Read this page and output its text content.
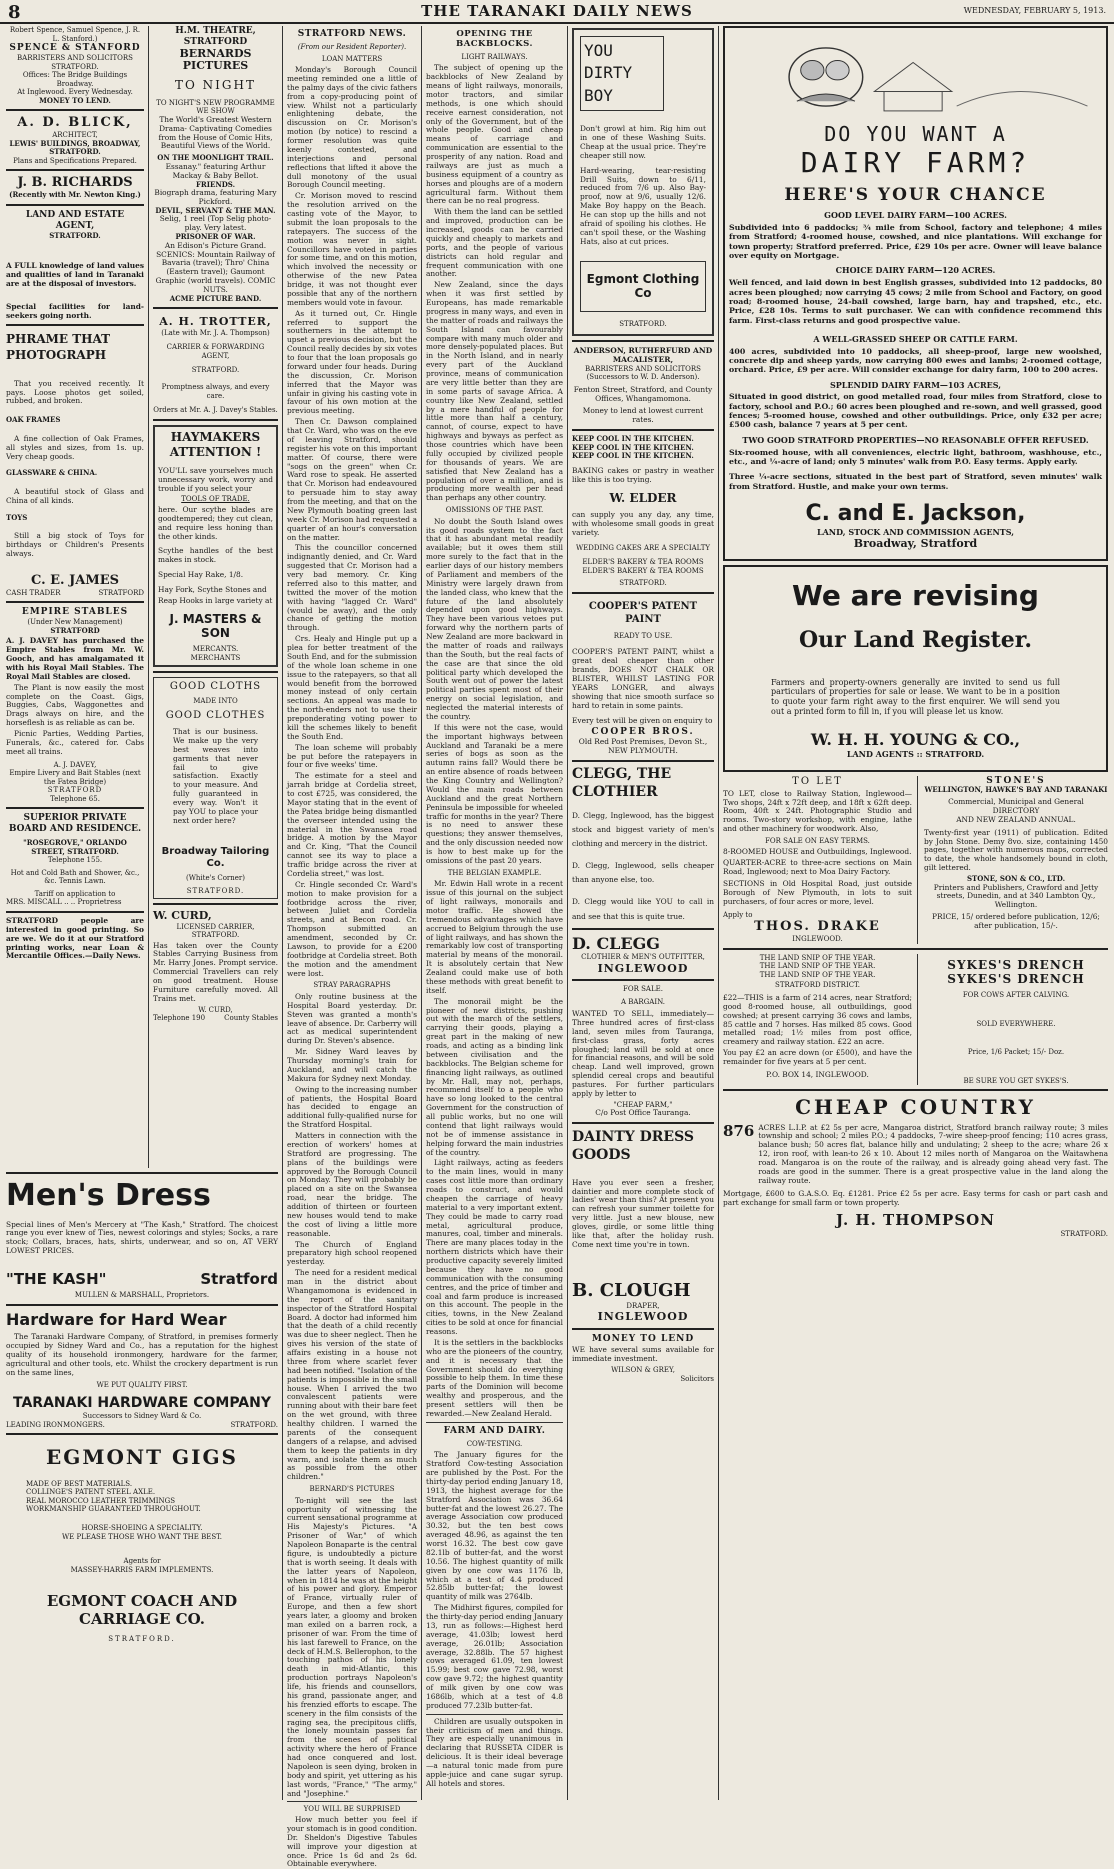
8	THE TARANAKI DAILY NEWS	WEDNESDAY, FEBRUARY 5, 1913.
Robert Spence, Samuel Spence, J. R. L. Stanford.)
SPENCE & STANFORD
BARRISTERS AND SOLICITORS
STRATFORD.
Offices: The Bridge Buildings Broadway.
At Inglewood. Every Wednesday.
MONEY TO LEND.
A. D. BLICK,
ARCHITECT,
LEWIS' BUILDINGS, BROADWAY, STRATFORD.
Plans and Specifications Prepared.
J. B. RICHARDS
(Recently with Mr. Newton King.)
LAND AND ESTATE AGENT,
STRATFORD.
A FULL knowledge of land values and qualities of land in Taranaki are at the disposal of investors.
Special facilities for land-seekers going north.
PHRAME THAT PHOTOGRAPH
That you received recently. It pays. Loose photos get soiled, rubbed, and broken.
OAK FRAMES
A fine collection of Oak Frames, all styles and sizes, from 1s. up. Very cheap goods.
GLASSWARE & CHINA.
A beautiful stock of Glass and China of all kinds.
TOYS
Still a big stock of Toys for birthdays or Children's Presents always.
C. E. JAMES
CASH TRADER	STRATFORD
EMPIRE STABLES
(Under New Management)
STRATFORD
A. J. DAVEY has purchased the Empire Stables from Mr. W. Gooch, and has amalgamated it with his Royal Mail Stables. The Royal Mail Stables are closed.
The Plant is now easily the most complete on the Coast. Gigs, Buggies, Cabs, Waggonettes and Drags always on hire, and the horseflesh is as reliable as can be.
Picnic Parties, Wedding Parties, Funerals, &c., catered for. Cabs meet all trains.
A. J. DAVEY,
Empire Livery and Bait Stables (next the Fatea Bridge)
STRATFORD
Telephone 65.
SUPERIOR PRIVATE BOARD AND RESIDENCE.
"ROSEGROVE," ORLANDO STREET, STRATFORD.
Telephone 155.
Hot and Cold Bath and Shower, &c., &c. Tennis Lawn.
Tariff on application to
MRS. MISCALL .. .. Proprietress
STRATFORD people are interested in good printing. So are we. We do it at our Stratford printing works, near Loan & Mercantile Offices.—Daily News.
H.M. THEATRE, STRATFORD
BERNARDS PICTURES
TO NIGHT
TO NIGHT'S NEW PROGRAMME
WE SHOW
The World's Greatest Western Drama- Captivating Comedies from the House of Comic Hits, Beautiful Views of the World.
ON THE MOONLIGHT TRAIL.
Essanay." featuring Arthur Mackay & Baby Bellot.
FRIENDS.
Biograph drama, featuring Mary Pickford.
DEVIL, SERVANT & THE MAN.
Selig, 1 reel (Top Selig photo-play. Very latest.
PRISONER OF WAR.
An Edison's Picture Grand. SCENICS: Mountain Railway of Bavaria (travel); Thro' China (Eastern travel); Gaumont Graphic (world travels). COMIC NUTS.
ACME PICTURE BAND.
A. H. TROTTER,
(Late with Mr. J. A. Thompson)
CARRIER & FORWARDING AGENT,
STRATFORD.
Promptness always, and every care.
Orders at Mr. A. J. Davey's Stables.
HAYMAKERS ATTENTION !
YOU'LL save yourselves much unnecessary work, worry and trouble if you select your
TOOLS OF TRADE.
here. Our scythe blades are goodtempered; they cut clean, and require less honing than the other kinds.
Scythe handles of the best makes in stock.
Special Hay Rake, 1/8.
Hay Fork, Scythe Stones and
Reap Hooks in large variety at
J. MASTERS & SON
MERCANTS.
MERCHANTS
GOOD CLOTHS
MADE INTO
GOOD CLOTHES
That is our business. We make up the very best weaves into garments that never fail to give satisfaction. Exactly to your measure. And fully guaranteed in every way. Won't it pay YOU to place your next order here?
Broadway Tailoring Co.
(White's Corner)
STRATFORD.
W. CURD,
LICENSED CARRIER, STRATFORD.
Has taken over the County Stables Carrying Business from Mr. Harry Jones. Prompt service. Commercial Travellers can rely on good treatment. House Furniture carefully moved. All Trains met.
W. CURD,
Telephone 190	County Stables
Men's Dress
Special lines of Men's Mercery at "The Kash," Stratford. The choicest range you ever knew of Ties, newest colorings and styles; Socks, a rare stock; Collars, braces, hats, shirts, underwear, and so on, AT VERY LOWEST PRICES.
"THE KASH"	Stratford
MULLEN & MARSHALL, Proprietors.
Hardware for Hard Wear
The Taranaki Hardware Company, of Stratford, in premises formerly occupied by Sidney Ward and Co., has a reputation for the highest quality of its household ironmongery, hardware for the farmer, agricultural and other tools, etc. Whilst the crockery department is run on the same lines,
WE PUT QUALITY FIRST.
TARANAKI HARDWARE COMPANY
Successors to Sidney Ward & Co.
LEADING IRONMONGERS.	STRATFORD.
EGMONT GIGS
MADE OF BEST MATERIALS.
COLLINGE'S PATENT STEEL AXLE.
REAL MOROCCO LEATHER TRIMMINGS
WORKMANSHIP GUARANTEED THROUGHOUT.
HORSE-SHOEING A SPECIALITY.
WE PLEASE THOSE WHO WANT THE BEST.
Agents for
MASSEY-HARRIS FARM IMPLEMENTS.
EGMONT COACH AND CARRIAGE CO.
STRATFORD.
STRATFORD NEWS.
(From our Resident Reporter).
LOAN MATTERS
Monday's Borough Council meeting reminded one a little of the palmy days of the civic fathers from a copy-producing point of view. Whilst not a particularly enlightening debate, the discussion on Cr. Morison's motion (by notice) to rescind a former resolution was quite keenly contested, and interjections and personal reflections that lifted it above the dull monotony of the usual Borough Council meeting.
Cr. Morison moved to rescind the resolution arrived on the casting vote of the Mayor, to submit the loan proposals to the ratepayers. The success of the motion was never in sight. Councillors have voted in parties for some time, and on this motion, which involved the necessity or otherwise of the new Patea bridge, it was not thought ever possible that any of the northern members would vote in favour.
As it turned out, Cr. Hingle referred to support the southerners in the attempt to upset a previous decision, but the Council really decides by six votes to four that the loan proposals go forward under four heads. During the discussion, Cr. Morison inferred that the Mayor was unfair in giving his casting vote in favour of his own motion at the previous meeting.
Then Cr. Dawson complained that Cr. Ward, who was on the eve of leaving Stratford, should register his vote on this important matter. Of course, there were "sogs on the green" when Cr. Ward rose to speak. He asserted that Cr. Morison had endeavoured to persuade him to stay away from the meeting, and that on the New Plymouth boating green last week Cr. Morison had requested a quarter of an hour's conversation on the matter.
This the councillor concerned indignantly denied, and Cr. Ward suggested that Cr. Morison had a very bad memory. Cr. King referred also to this matter, and twitted the mover of the motion with having "lagged Cr. Ward" (would be away), and the only chance of getting the motion through.
Crs. Healy and Hingle put up a plea for better treatment of the South End, and for the submission of the whole loan scheme in one issue to the ratepayers, so that all would benefit from the borrowed money instead of only certain sections. An appeal was made to the north-enders not to use their preponderating voting power to kill the schemes likely to benefit the South End.
The loan scheme will probably be put before the ratepayers in four or five weeks' time.
The estimate for a steel and jarrah bridge at Cordelia street, to cost £725, was considered, the Mayor stating that in the event of the Patea bridge being dismantled the overseer intended using the material in the Swansea road bridge. A motion by the Mayor and Cr. King, "That the Council cannot see its way to place a traffic bridge across the river at Cordelia street," was lost.
Cr. Hingle seconded Cr. Ward's motion to make provision for a footbridge across the river, between Juliet and Cordelia streets, and at Becon road. Cr. Thompson submitted an amendment, seconded by Cr. Lawson, to provide for a £200 footbridge at Cordelia street. Both the motion and the amendment were lost.
STRAY PARAGRAPHS
Only routine business at the Hospital Board yesterday. Dr. Steven was granted a month's leave of absence. Dr. Carberry will act as medical superintendent during Dr. Steven's absence.
Mr. Sidney Ward leaves by Thursday morning's train for Auckland, and will catch the Makura for Sydney next Monday.
Owing to the increasing number of patients, the Hospital Board has decided to engage an additional fully-qualified nurse for the Stratford Hospital.
Matters in connection with the erection of workers' homes at Stratford are progressing. The plans of the buildings were approved by the Borough Council on Monday. They will probably be placed on a site on the Swansea road, near the bridge. The addition of thirteen or fourteen new houses would tend to make the cost of living a little more reasonable.
The Church of England preparatory high school reopened yesterday.
The need for a resident medical man in the district about Whangamomona is evidenced in the report of the sanitary inspector of the Stratford Hospital Board. A doctor had informed him that the death of a child recently was due to sheer neglect. Then he gives his version of the state of affairs existing in a house not three from where scarlet fever had been notified. "Isolation of the patients is impossible in the small house. When I arrived the two convalescent patients were running about with their bare feet on the wet ground, with three healthy children. I warned the parents of the consequent dangers of a relapse, and advised them to keep the patients in dry warm, and isolate them as much as possible from the other children."
BERNARD'S PICTURES
To-night will see the last opportunity of witnessing the current sensational programme at His Majesty's Pictures. "A Prisoner of War," of which Napoleon Bonaparte is the central figure, is undoubtedly a picture that is worth seeing. It deals with the latter years of Napoleon, when in 1814 he was at the height of his power and glory. Emperor of France, virtually ruler of Europe, and then a few short years later, a gloomy and broken man exiled on a barren rock, a prisoner of war. From the time of his last farewell to France, on the deck of H.M.S. Bellerophon, to the touching pathos of his lonely death in mid-Atlantic, this production portrays Napoleon's life, his friends and counsellors, his grand, passionate anger, and his frenzied efforts to escape. The scenery in the film consists of the raging sea, the precipitous cliffs, the lonely mountain passes far from the scenes of political activity where the hero of France had once conquered and lost. Napoleon is seen dying, broken in body and spirit, yet uttering as his last words, "France," "The army," and "Josephine."
YOU WILL BE SURPRISED
How much better you feel if your stomach is in good condition. Dr. Sheldon's Digestive Tabules will improve your digestion at once. Price 1s 6d and 2s 6d. Obtainable everywhere.
OPENING THE BACKBLOCKS.
LIGHT RAILWAYS.
The subject of opening up the backblocks of New Zealand by means of light railways, monorails, motor tractors, and similar methods, is one which should receive earnest consideration, not only of the Government, but of the whole people. Good and cheap means of carriage and communication are essential to the prosperity of any nation. Road and railways are just as much a business equipment of a country as horses and ploughs are of a modern agricultural farm. Without them there can be no real progress.
With them the land can be settled and improved, production can be increased, goods can be carried quickly and cheaply to markets and ports, and the people of various districts can hold regular and frequent communication with one another.
New Zealand, since the days when it was first settled by Europeans, has made remarkable progress in many ways, and even in the matter of roads and railways the South Island can favourably compare with many much older and more densely-populated places. But in the North Island, and in nearly every part of the Auckland province, means of communication are very little better than they are in some parts of savage Africa. A country like New Zealand, settled by a mere handful of people for little more than half a century, cannot, of course, expect to have highways and byways as perfect as those countries which have been fully occupied by civilized people for thousands of years. We are satisfied that New Zealand has a population of over a million, and is producing more wealth per head than perhaps any other country.
OMISSIONS OF THE PAST.
No doubt the South Island owes its good roads system to the fact that it has abundant metal readily available; but it owes them still more surely to the fact that in the earlier days of our history members of Parliament and members of the Ministry were largely drawn from the landed class, who knew that the future of the land absolutely depended upon good highways. They have been various vetoes put forward why the northern parts of New Zealand are more backward in the matter of roads and railways than the South, but the real facts of the case are that since the old political party which developed the South went out of power the latest political parties spent most of their energy on social legislation, and neglected the material interests of the country.
If this were not the case, would the important highways between Auckland and Taranaki be a mere series of bogs as soon as the autumn rains fall? Would there be an entire absence of roads between the King Country and Wellington? Would the main roads between Auckland and the great Northern Peninsula be impossible for wheeled traffic for months in the year? There is no need to answer these questions; they answer themselves, and the only discussion needed now is how to best make up for the omissions of the past 20 years.
THE BELGIAN EXAMPLE.
Mr. Edwin Hall wrote in a recent issue of this journal on the subject of light railways, monorails and motor traffic. He showed the tremendous advantages which have accrued to Belgium through the use of light railways, and has shown the remarkably low cost of transporting material by means of the monorail. It is absolutely certain that New Zealand could make use of both these methods with great benefit to itself.
The monorail might be the pioneer of new districts, pushing out with the march of the settlers, carrying their goods, playing a great part in the making of new roads, and acting as a binding link between civilisation and the backblocks. The Belgian scheme for financing light railways, as outlined by Mr. Hall, may not, perhaps, recommend itself to a people who have so long looked to the central Government for the construction of all public works, but no one will contend that light railways would not be of immense assistance in helping forward the main industries of the country.
Light railways, acting as feeders to the main lines, would in many cases cost little more than ordinary roads to construct, and would cheapen the carriage of heavy material to a very important extent. They could be made to carry road metal, agricultural produce, manures, coal, timber and minerals. There are many places today in the northern districts which have their productive capacity severely limited because they have no good communication with the consuming centres, and the price of timber and coal and farm produce is increased on this account. The people in the cities, towns, in the New Zealand cities to be sold at once for financial reasons.
It is the settlers in the backblocks who are the pioneers of the country, and it is necessary that the Government should do everything possible to help them. In time these parts of the Dominion will become wealthy and prosperous, and the present settlers will then be rewarded.—New Zealand Herald.
FARM AND DAIRY.
COW-TESTING.
The January figures for the Stratford Cow-testing Association are published by the Post. For the thirty-day period ending January 18, 1913, the highest average for the Stratford Association was 36.64 butter-fat and the lowest 26.27. The average Association cow produced 30.32, but the ten best cows averaged 48.96, as against the ten worst 16.32. The best cow gave 82.1lb of butter-fat, and the worst 10.56. The highest quantity of milk given by one cow was 1176 lb, which at a test of 4.4 produced 52.85lb butter-fat; the lowest quantity of milk was 2764lb.
The Midhirst figures, compiled for the thirty-day period ending January 13, run as follows:—Highest herd average, 41.03lb; lowest herd average, 26.01lb; Association average, 32.88lb. The 57 highest cows averaged 61.09, ten lowest 15.99; best cow gave 72.98, worst cow gave 9.72; the highest quantity of milk given by one cow was 1686lb, which at a test of 4.8 produced 77.23lb butter-fat.
Children are usually outspoken in their criticism of men and things. They are especially unanimous in declaring that RUSSETA CIDER is delicious. It is their ideal beverage—a natural tonic made from pure apple-juice and cane sugar syrup. All hotels and stores.
YOU DIRTY BOY
Don't growl at him. Rig him out in one of these Washing Suits. Cheap at the usual price. They're cheaper still now.
Hard-wearing, tear-resisting Drill Suits, down to 6/11, reduced from 7/6 up. Also Bay-proof, now at 9/6, usually 12/6. Make Boy happy on the Beach. He can stop up the hills and not afraid of spoiling his clothes. He can't spoil these, or the Washing Hats, also at cut prices.
Egmont Clothing Co
STRATFORD.
ANDERSON, RUTHERFURD AND MACALISTER,
BARRISTERS AND SOLICITORS
(Successors to W. D. Anderson).
Fenton Street, Stratford, and County Offices, Whangamomona.
Money to lend at lowest current rates.
KEEP COOL IN THE KITCHEN.
KEEP COOL IN THE KITCHEN.
KEEP COOL IN THE KITCHEN.
BAKING cakes or pastry in weather like this is too trying.
W. ELDER
can supply you any day, any time, with wholesome small goods in great variety.
WEDDING CAKES ARE A SPECIALTY
ELDER'S BAKERY & TEA ROOMS
ELDER'S BAKERY & TEA ROOMS
STRATFORD.
COOPER'S PATENT PAINT
READY TO USE.
COOPER'S PATENT PAINT, whilst a great deal cheaper than other brands, DOES NOT CHALK OR BLISTER, WHILST LASTING FOR YEARS LONGER, and always showing that nice smooth surface so hard to retain in some paints.
Every test will be given on enquiry to
COOPER BROS.
Old Red Post Premises, Devon St., NEW PLYMOUTH.
CLEGG, THE CLOTHIER
D. Clegg, Inglewood, has the biggest stock and biggest variety of men's clothing and mercery in the district.
D. Clegg, Inglewood, sells cheaper than anyone else, too.
D. Clegg would like YOU to call in and see that this is quite true.
D. CLEGG
CLOTHIER & MEN'S OUTFITTER,
INGLEWOOD
FOR SALE.
A BARGAIN.
WANTED TO SELL, immediately—Three hundred acres of first-class land, seven miles from Tauranga, first-class grass, forty acres ploughed; land will be sold at once for financial reasons, and will be sold cheap. Land well improved, grown splendid cereal crops and beautiful pastures. For further particulars apply by letter to
"CHEAP FARM,"
C/o Post Office Tauranga.
DAINTY DRESS GOODS
Have you ever seen a fresher, daintier and more complete stock of ladies' wear than this? At present you can refresh your summer toilette for very little. Just a new blouse, new gloves, girdle, or some little thing like that, after the holiday rush. Come next time you're in town.
B. CLOUGH
DRAPER,
INGLEWOOD
MONEY TO LEND
WE have several sums available for immediate investment.
WILSON & GREY,
Solicitors
DO YOU WANT A
DAIRY FARM?
HERE'S YOUR CHANCE
GOOD LEVEL DAIRY FARM—100 ACRES.
Subdivided into 6 paddocks; ¾ mile from School, factory and telephone; 4 miles from Stratford; 4-roomed house, cowshed, and nice plantations. Will exchange for town property; Stratford preferred. Price, £29 10s per acre. Owner will leave balance over equity on Mortgage.
CHOICE DAIRY FARM—120 ACRES.
Well fenced, and laid down in best English grasses, subdivided into 12 paddocks, 80 acres been ploughed; now carrying 45 cows; 2 mile from School and Factory, on good road; 8-roomed house, 24-bail cowshed, large barn, hay and trapshed, etc., etc. Price, £28 10s. Terms to suit purchaser. We can with confidence recommend this farm. First-class returns and good prospective value.
A WELL-GRASSED SHEEP OR CATTLE FARM.
400 acres, subdivided into 10 paddocks, all sheep-proof, large new woolshed, concrete dip and sheep yards, now carrying 800 ewes and lambs; 2-roomed cottage, orchard. Price, £9 per acre. Will consider exchange for dairy farm, 100 to 200 acres.
SPLENDID DAIRY FARM—103 ACRES,
Situated in good district, on good metalled road, four miles from Stratford, close to factory, school and P.O.; 60 acres been ploughed and re-sown, and well grassed, good fences; 5-roomed house, cowshed and other outbuildings. Price, only £32 per acre; £500 cash, balance 7 years at 5 per cent.
TWO GOOD STRATFORD PROPERTIES—NO REASONABLE OFFER REFUSED.
Six-roomed house, with all conveniences, electric light, bathroom, washhouse, etc., etc., and ¼-acre of land; only 5 minutes' walk from P.O. Easy terms. Apply early.
Three ¼-acre sections, situated in the best part of Stratford, seven minutes' walk from Stratford. Hustle, and make your own terms.
C. and E. Jackson,
LAND, STOCK AND COMMISSION AGENTS,
Broadway, Stratford
We are revising
Our Land Register.
Farmers and property-owners generally are invited to send us full particulars of properties for sale or lease. We want to be in a position to quote your farm right away to the first enquirer. We will send you out a printed form to fill in, if you will please let us know.
W. H. H. YOUNG & CO.,
LAND AGENTS :: STRATFORD.
TO LET
TO LET, close to Railway Station, Inglewood—Two shops, 24ft x 72ft deep, and 18ft x 62ft deep. Room, 40ft x 24ft. Photographic Studio and rooms. Two-story workshop, with engine, lathe and other machinery for woodwork. Also,
FOR SALE ON EASY TERMS.
8-ROOMED HOUSE and Outbuildings, Inglewood.
QUARTER-ACRE to three-acre sections on Main Road, Inglewood; next to Moa Dairy Factory.
SECTIONS in Old Hospital Road, just outside Borough of New Plymouth, in lots to suit purchasers, of four acres or more, level.
Apply to
THOS. DRAKE
INGLEWOOD.
STONE'S
WELLINGTON, HAWKE'S BAY AND TARANAKI
Commercial, Municipal and General DIRECTORY
AND NEW ZEALAND ANNUAL.
Twenty-first year (1911) of publication. Edited by John Stone. Demy 8vo. size, containing 1450 pages, together with numerous maps, corrected to date, the whole handsomely bound in cloth, gilt lettered.
STONE, SON & CO., LTD.
Printers and Publishers, Crawford and Jetty streets, Dunedin, and at 340 Lambton Qy., Wellington.
PRICE, 15/ ordered before publication, 12/6; after publication, 15/-.
THE LAND SNIP OF THE YEAR.
THE LAND SNIP OF THE YEAR.
THE LAND SNIP OF THE YEAR.
STRATFORD DISTRICT.
£22—THIS is a farm of 214 acres, near Stratford; good 8-roomed house, all outbuildings, good cowshed; at present carrying 36 cows and lambs, 85 cattle and 7 horses. Has milked 85 cows. Good metalled road; 1½ miles from post office, creamery and railway station. £22 an acre.
You pay £2 an acre down (or £500), and have the remainder for five years at 5 per cent.
P.O. BOX 14, INGLEWOOD.
SYKES'S DRENCH
SYKES'S DRENCH
FOR COWS AFTER CALVING.
SOLD EVERYWHERE.
Price, 1/6 Packet; 15/- Doz.
BE SURE YOU GET SYKES'S.
CHEAP COUNTRY
876 ACRES L.I.P. at £2 5s per acre, Mangaroa district, Stratford branch railway route; 3 miles township and school; 2 miles P.O.; 4 paddocks, 7-wire sheep-proof fencing; 110 acres grass, balance bush; 50 acres flat, balance hilly and undulating; 2 sheep to the acre; whare 26 x 12, iron roof, with lean-to 26 x 10. About 12 miles north of Mangaroa on the Waitawhena road. Mangaroa is on the route of the railway, and is already going ahead very fast. The roads are good in the summer. There is a great prospective value in the land along the railway route.
Mortgage, £600 to G.A.S.O. Eq. £1281. Price £2 5s per acre. Easy terms for cash or part cash and part exchange for small farm or town property.
J. H. THOMPSON
STRATFORD.
